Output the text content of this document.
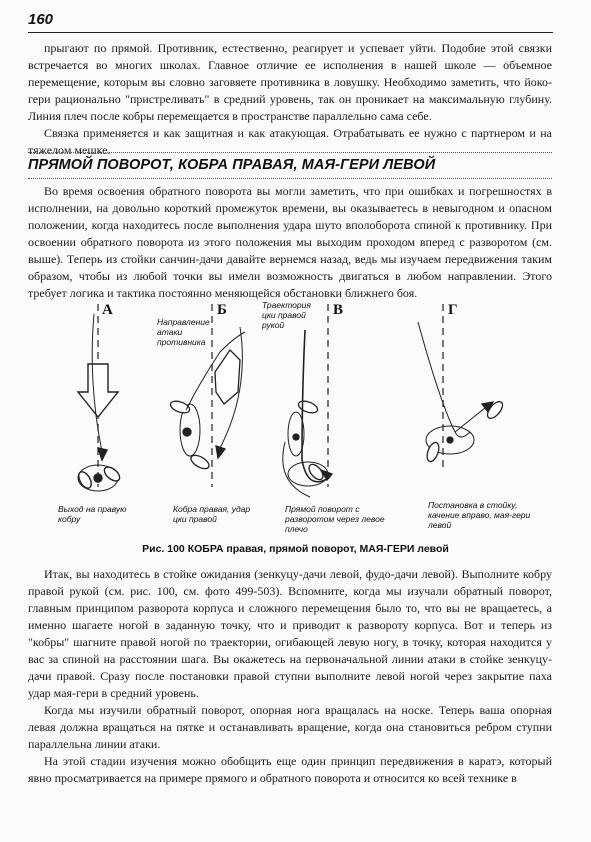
160

прыгают по прямой. Противник, естественно, реагирует и успевает уйти. Подобие этой связки встречается во многих школах. Главное отличие ее исполнения в нашей школе — объемное перемещение, которым вы словно заговяете противника в ловушку. Необходимо заметить, что йоко-гери рационально "пристреливать" в средний уровень, так он проникает на максимальную глубину. Линия плеч после кобры перемещается в пространстве параллельно сама себе.

Связка применяется и как защитная и как атакующая. Отрабатывать ее нужно с партнером и на тяжелом мешке.

ПРЯМОЙ ПОВОРОТ, КОБРА ПРАВАЯ, МАЯ-ГЕРИ ЛЕВОЙ

Во время освоения обратного поворота вы могли заметить, что при ошибках и погрешностях в исполнении, на довольно короткий промежуток времени, вы оказываетесь в невыгодном и опасном положении, когда находитесь после выполнения удара шуто вполоборота спиной к противнику. При освоении обратного поворота из этого положения мы выходим проходом вперед с разворотом (см. выше). Теперь из стойки санчин-дачи давайте вернемся назад, ведь мы изучаем передвижения таким образом, чтобы из любой точки вы имели возможность двигаться в любом направлении. Этого требует логика и тактика постоянно меняющейся обстановки ближнего боя.

А	Б	В	Г
Направление атаки противника
Траектория цки правой рукой
Выход на правую кобру
Кобра правая, удар цки правой
Прямой поворот с разворотом через левое плечо
Постановка в стойку, качение вправо, мая-гери левой
Рис. 100 КОБРА правая, прямой поворот, МАЯ-ГЕРИ левой

Итак, вы находитесь в стойке ожидания (зенкуцу-дачи левой, фудо-дачи левой). Выполните кобру правой рукой (см. рис. 100, см. фото 499-503). Вспомните, когда мы изучали обратный поворот, главным принципом разворота корпуса и сложного перемещения было то, что вы не вращаетесь, а именно шагаете ногой в заданную точку, что и приводит к развороту корпуса. Вот и теперь из "кобры" шагните правой ногой по траектории, огибающей левую ногу, в точку, которая находится у вас за спиной на расстоянии шага. Вы окажетесь на первоначальной линии атаки в стойке зенкуцу-дачи правой. Сразу после постановки правой ступни выполните левой ногой через закрытие паха удар мая-гери в средний уровень.

Когда мы изучили обратный поворот, опорная нога вращалась на носке. Теперь ваша опорная левая должна вращаться на пятке и останавливать вращение, когда она становиться ребром ступни параллельна линии атаки.

На этой стадии изучения можно обобщить еще один принцип передвижения в каратэ, который явно просматривается на примере прямого и обратного поворота и относится ко всей технике в
